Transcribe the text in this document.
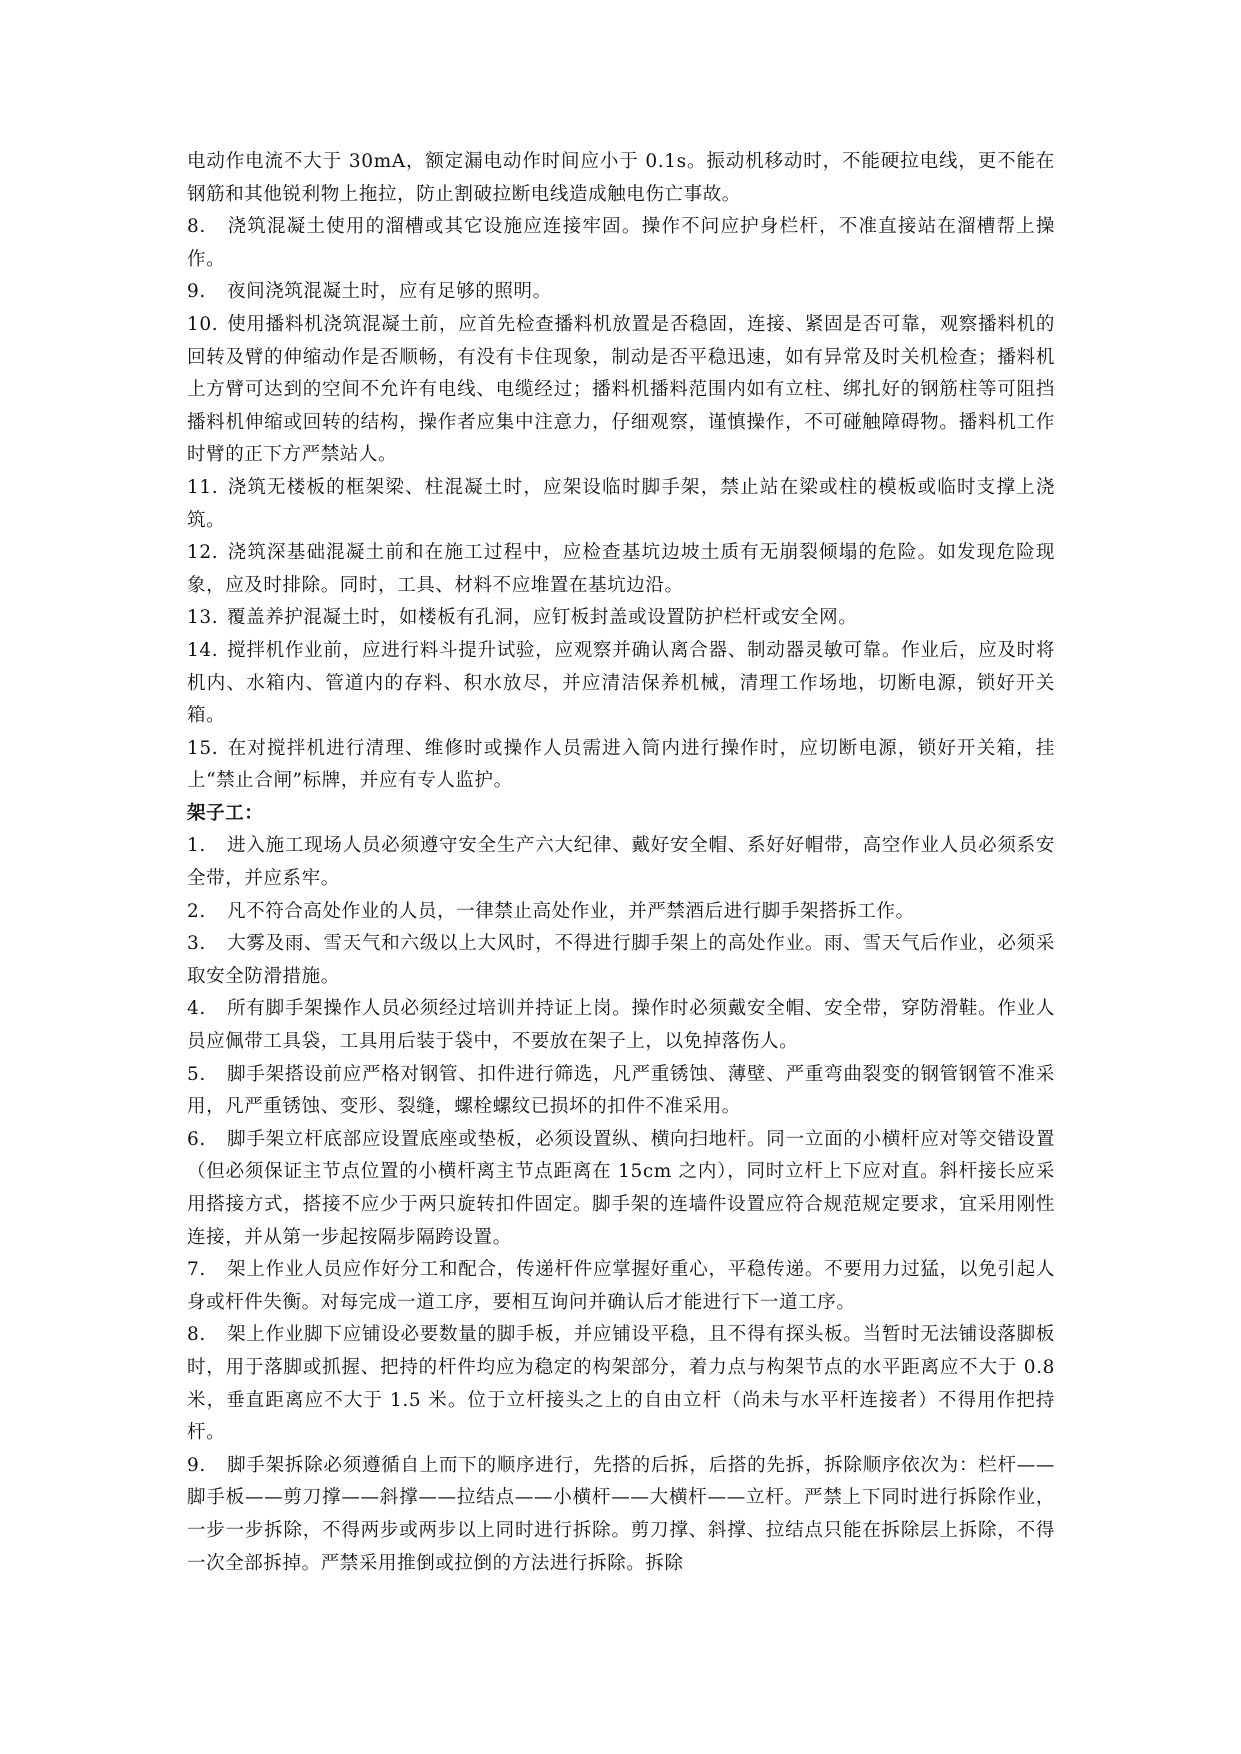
电动作电流不大于 30mA，额定漏电动作时间应小于 0.1s。振动机移动时，不能硬拉电线，更不能在钢筋和其他锐利物上拖拉，防止割破拉断电线造成触电伤亡事故。

8. 浇筑混凝土使用的溜槽或其它设施应连接牢固。操作不问应护身栏杆，不准直接站在溜槽帮上操作。

9. 夜间浇筑混凝土时，应有足够的照明。

10. 使用播料机浇筑混凝土前，应首先检查播料机放置是否稳固，连接、紧固是否可靠，观察播料机的回转及臂的伸缩动作是否顺畅，有没有卡住现象，制动是否平稳迅速，如有异常及时关机检查；播料机上方臂可达到的空间不允许有电线、电缆经过；播料机播料范围内如有立柱、绑扎好的钢筋柱等可阻挡播料机伸缩或回转的结构，操作者应集中注意力，仔细观察，谨慎操作，不可碰触障碍物。播料机工作时臂的正下方严禁站人。

11. 浇筑无楼板的框架梁、柱混凝土时，应架设临时脚手架，禁止站在梁或柱的模板或临时支撑上浇筑。

12. 浇筑深基础混凝土前和在施工过程中，应检查基坑边坡土质有无崩裂倾塌的危险。如发现危险现象，应及时排除。同时，工具、材料不应堆置在基坑边沿。

13. 覆盖养护混凝土时，如楼板有孔洞，应钉板封盖或设置防护栏杆或安全网。

14. 搅拌机作业前，应进行料斗提升试验，应观察并确认离合器、制动器灵敏可靠。作业后，应及时将机内、水箱内、管道内的存料、积水放尽，并应清洁保养机械，清理工作场地，切断电源，锁好开关箱。

15. 在对搅拌机进行清理、维修时或操作人员需进入筒内进行操作时，应切断电源，锁好开关箱，挂上“禁止合闸”标牌，并应有专人监护。

架子工：

1. 进入施工现场人员必须遵守安全生产六大纪律、戴好安全帽、系好好帽带，高空作业人员必须系安全带，并应系牢。

2. 凡不符合高处作业的人员，一律禁止高处作业，并严禁酒后进行脚手架搭拆工作。

3. 大雾及雨、雪天气和六级以上大风时，不得进行脚手架上的高处作业。雨、雪天气后作业，必须采取安全防滑措施。

4. 所有脚手架操作人员必须经过培训并持证上岗。操作时必须戴安全帽、安全带，穿防滑鞋。作业人员应佩带工具袋，工具用后装于袋中，不要放在架子上，以免掉落伤人。

5. 脚手架搭设前应严格对钢管、扣件进行筛选，凡严重锈蚀、薄壁、严重弯曲裂变的钢管钢管不准采用，凡严重锈蚀、变形、裂缝，螺栓螺纹已损坏的扣件不准采用。

6. 脚手架立杆底部应设置底座或垫板，必须设置纵、横向扫地杆。同一立面的小横杆应对等交错设置（但必须保证主节点位置的小横杆离主节点距离在 15cm 之内），同时立杆上下应对直。斜杆接长应采用搭接方式，搭接不应少于两只旋转扣件固定。脚手架的连墙件设置应符合规范规定要求，宜采用刚性连接，并从第一步起按隔步隔跨设置。

7. 架上作业人员应作好分工和配合，传递杆件应掌握好重心，平稳传递。不要用力过猛，以免引起人身或杆件失衡。对每完成一道工序，要相互询问并确认后才能进行下一道工序。

8. 架上作业脚下应铺设必要数量的脚手板，并应铺设平稳，且不得有探头板。当暂时无法铺设落脚板时，用于落脚或抓握、把持的杆件均应为稳定的构架部分，着力点与构架节点的水平距离应不大于 0.8 米，垂直距离应不大于 1.5 米。位于立杆接头之上的自由立杆（尚未与水平杆连接者）不得用作把持杆。

9. 脚手架拆除必须遵循自上而下的顺序进行，先搭的后拆，后搭的先拆，拆除顺序依次为：栏杆——脚手板——剪刀撑——斜撑——拉结点——小横杆——大横杆——立杆。严禁上下同时进行拆除作业，一步一步拆除，不得两步或两步以上同时进行拆除。剪刀撑、斜撑、拉结点只能在拆除层上拆除，不得一次全部拆掉。严禁采用推倒或拉倒的方法进行拆除。拆除
